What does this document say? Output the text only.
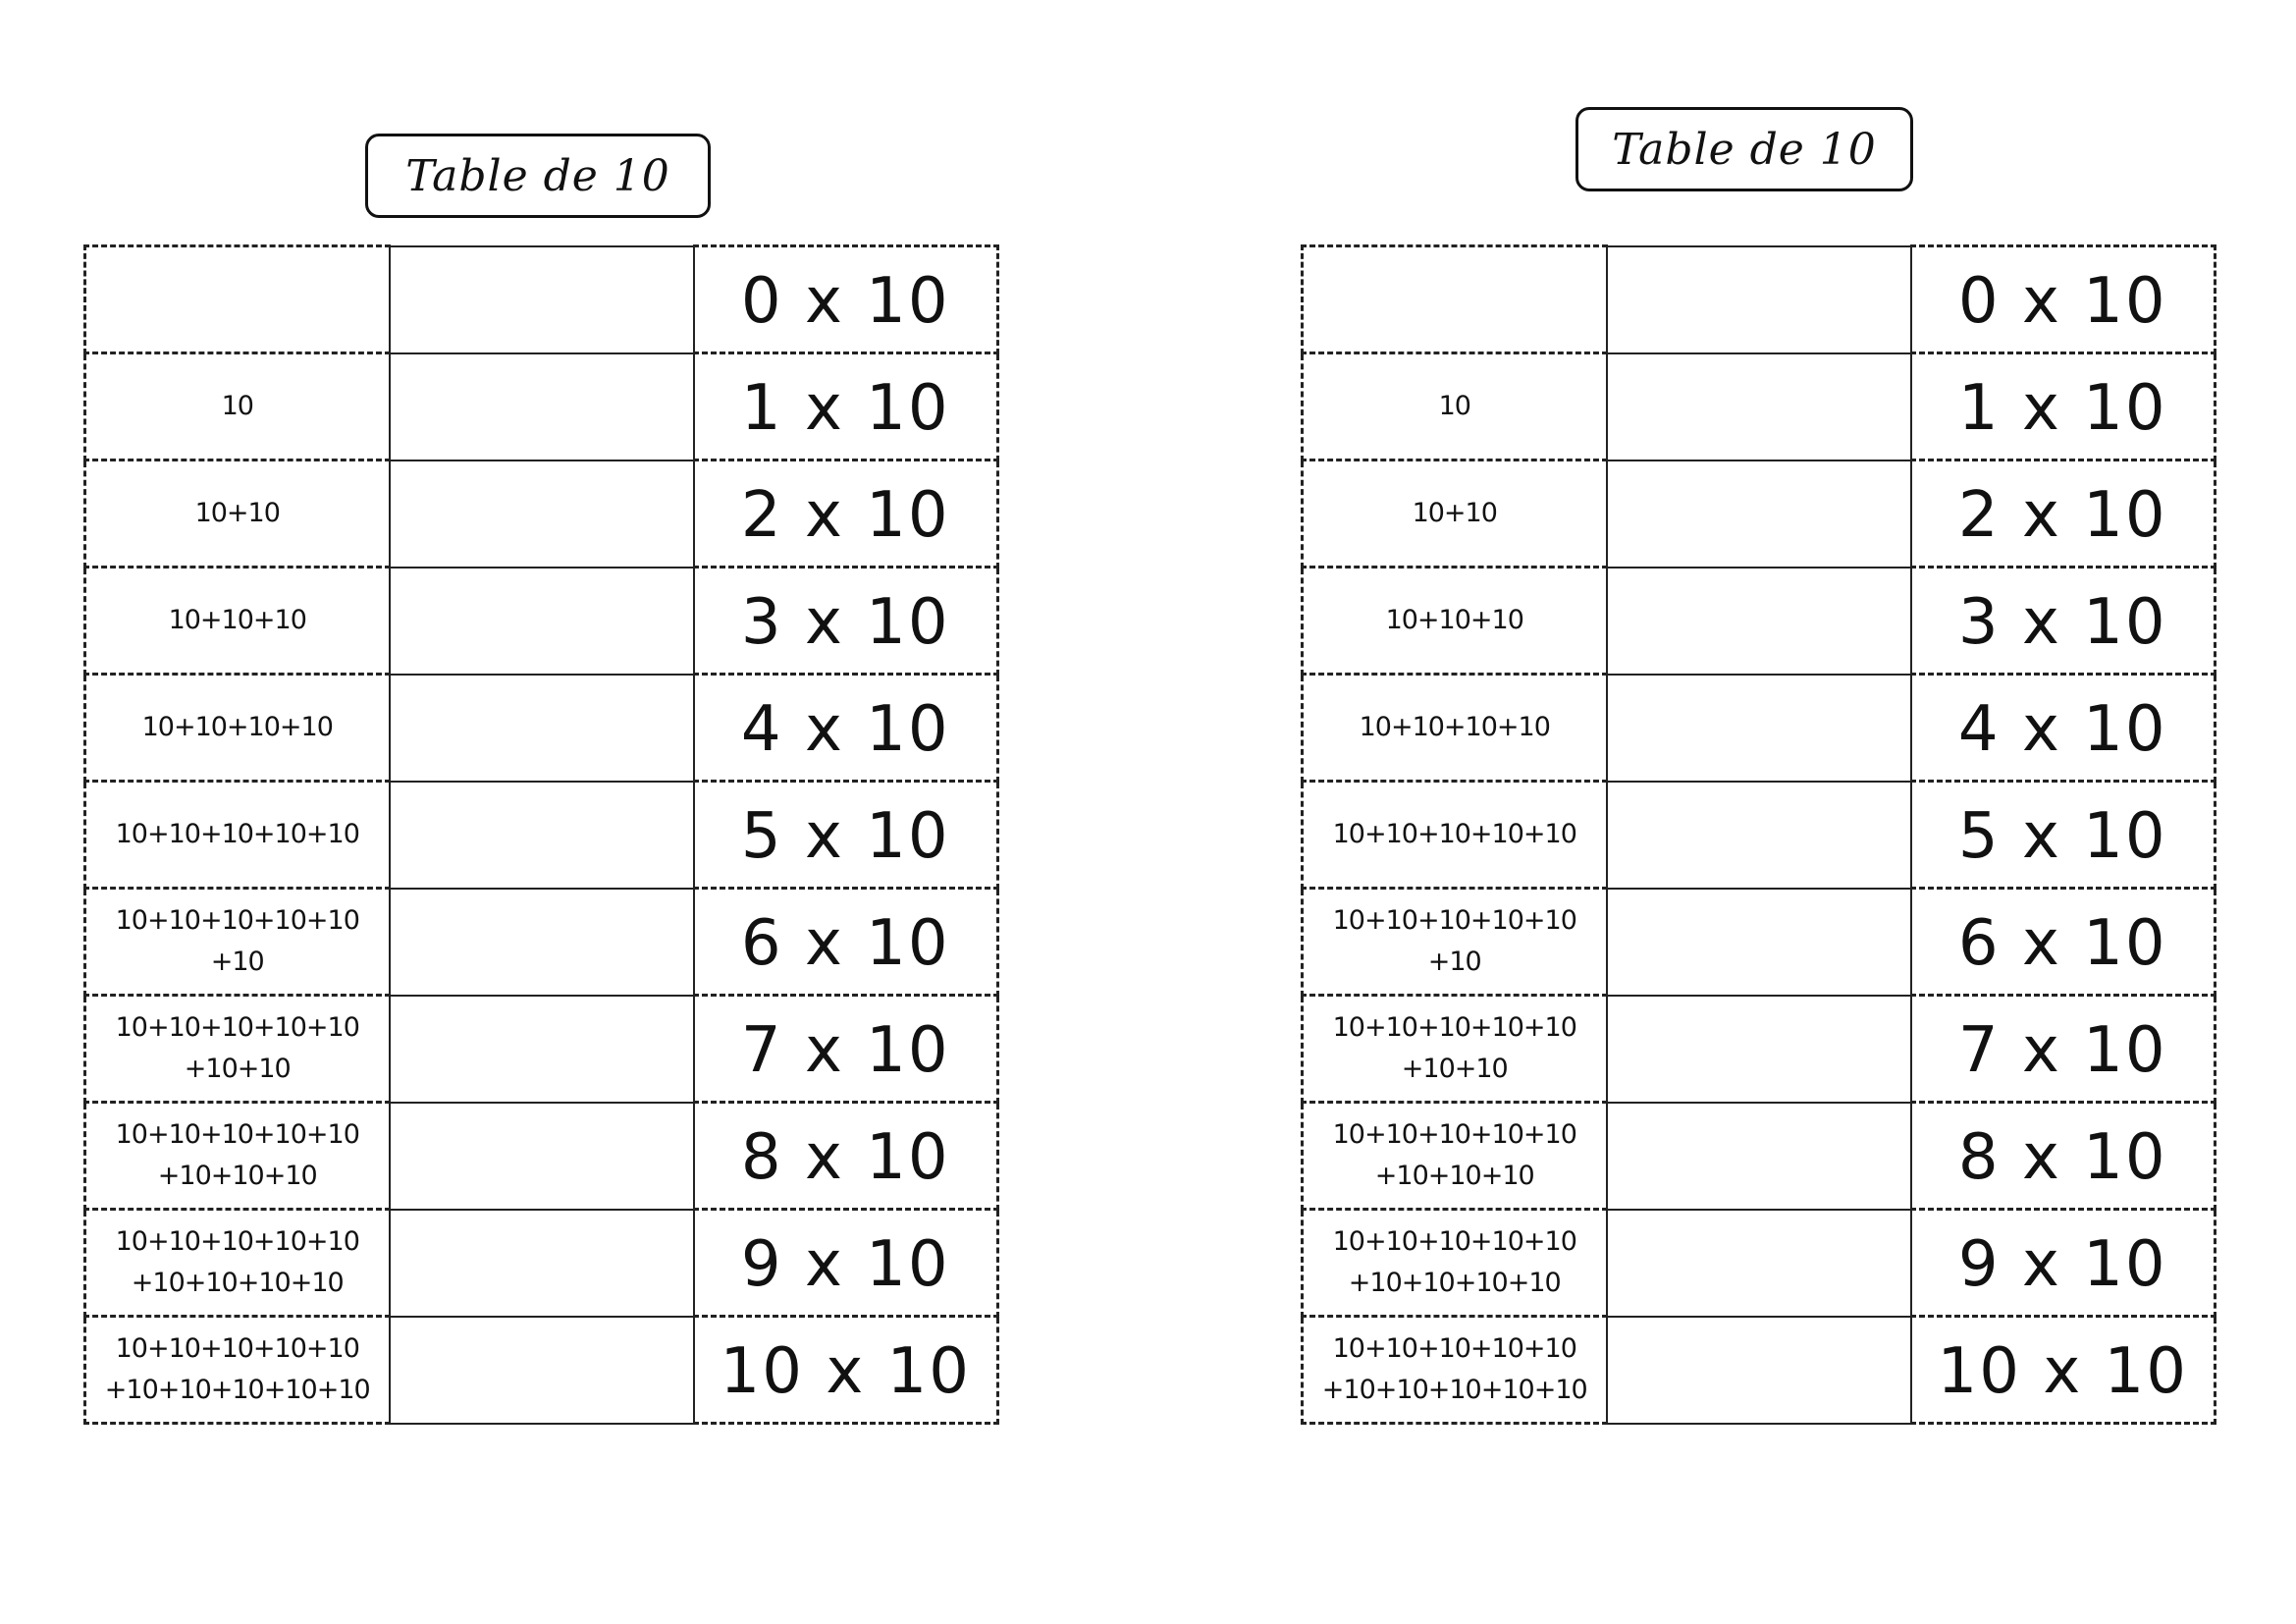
Table de 10
		0 x 10

10		1 x 10

10+10		2 x 10

10+10+10		3 x 10

10+10+10+10		4 x 10

10+10+10+10+10		5 x 10

10+10+10+10+10
+10		6 x 10

10+10+10+10+10
+10+10		7 x 10

10+10+10+10+10
+10+10+10		8 x 10

10+10+10+10+10
+10+10+10+10		9 x 10

10+10+10+10+10
+10+10+10+10+10		10 x 10
Table de 10
		0 x 10

10		1 x 10

10+10		2 x 10

10+10+10		3 x 10

10+10+10+10		4 x 10

10+10+10+10+10		5 x 10

10+10+10+10+10
+10		6 x 10

10+10+10+10+10
+10+10		7 x 10

10+10+10+10+10
+10+10+10		8 x 10

10+10+10+10+10
+10+10+10+10		9 x 10

10+10+10+10+10
+10+10+10+10+10		10 x 10
